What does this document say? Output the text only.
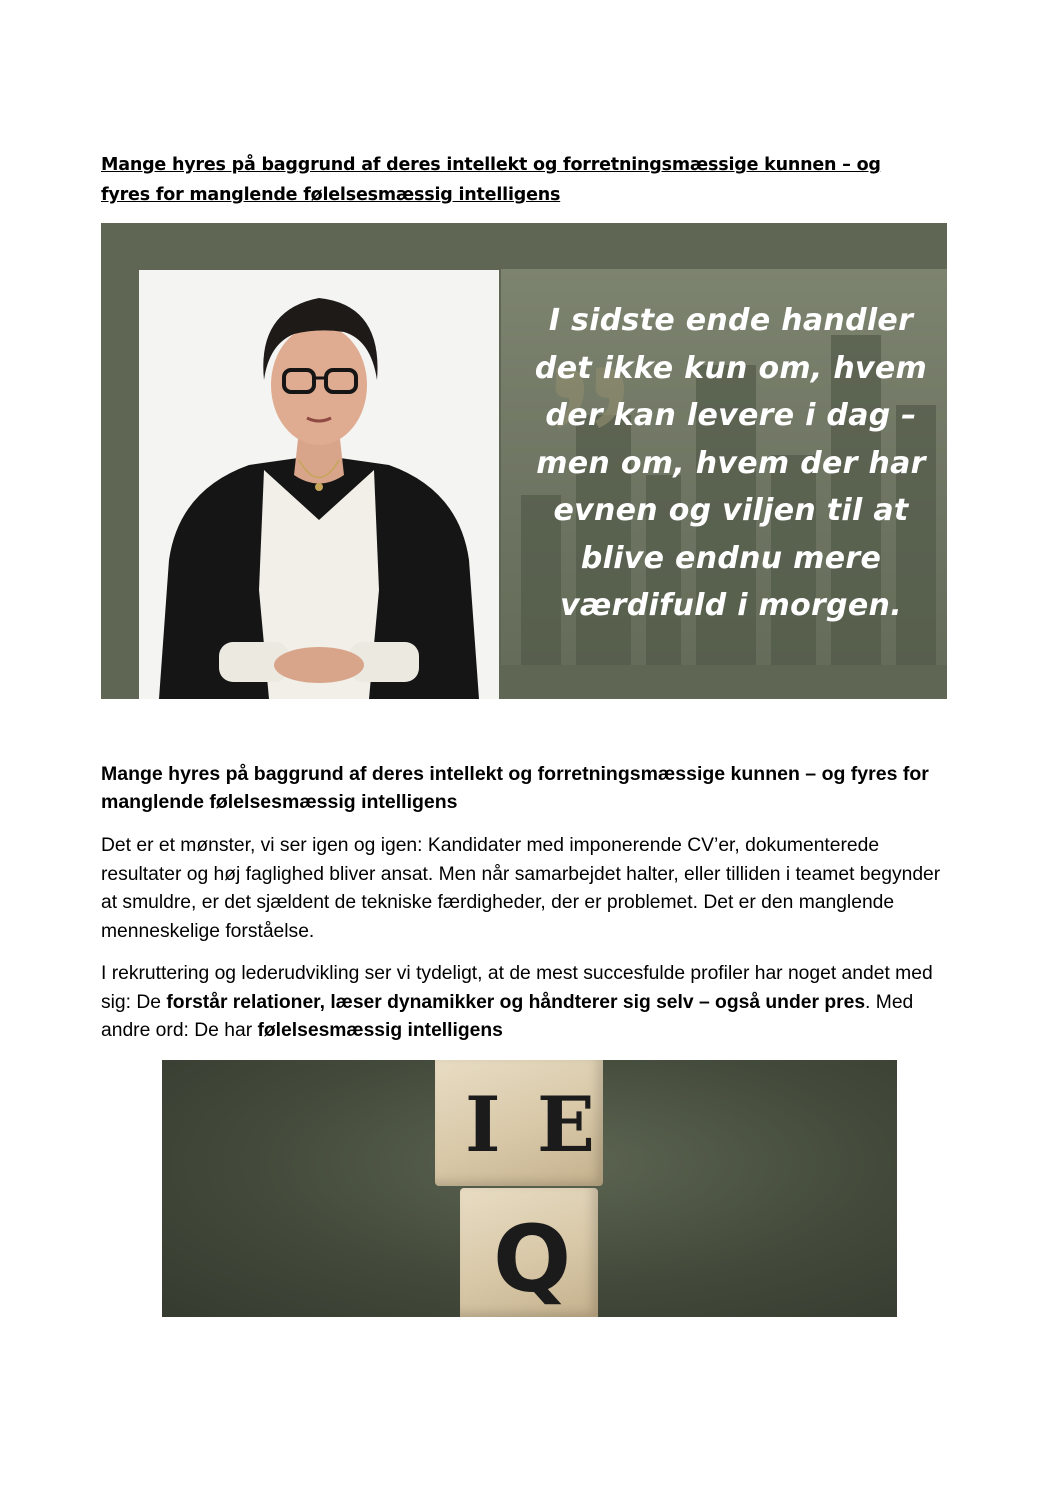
Mange hyres på baggrund af deres intellekt og forretningsmæssige kunnen – og fyres for manglende følelsesmæssig intelligens
I sidste ende handler
det ikke kun om, hvem
der kan levere i dag –
men om, hvem der har
evnen og viljen til at
blive endnu mere
værdifuld i morgen.
Mange hyres på baggrund af deres intellekt og forretningsmæssige kunnen – og fyres for manglende følelsesmæssig intelligens
Det er et mønster, vi ser igen og igen: Kandidater med imponerende CV’er, dokumenterede resultater og høj faglighed bliver ansat. Men når samarbejdet halter, eller tilliden i teamet begynder at smuldre, er det sjældent de tekniske færdigheder, der er problemet. Det er den manglende menneskelige forståelse.
I rekruttering og lederudvikling ser vi tydeligt, at de mest succesfulde profiler har noget andet med sig: De forstår relationer, læser dynamikker og håndterer sig selv – også under pres. Med andre ord: De har følelsesmæssig intelligens
I E
Q
